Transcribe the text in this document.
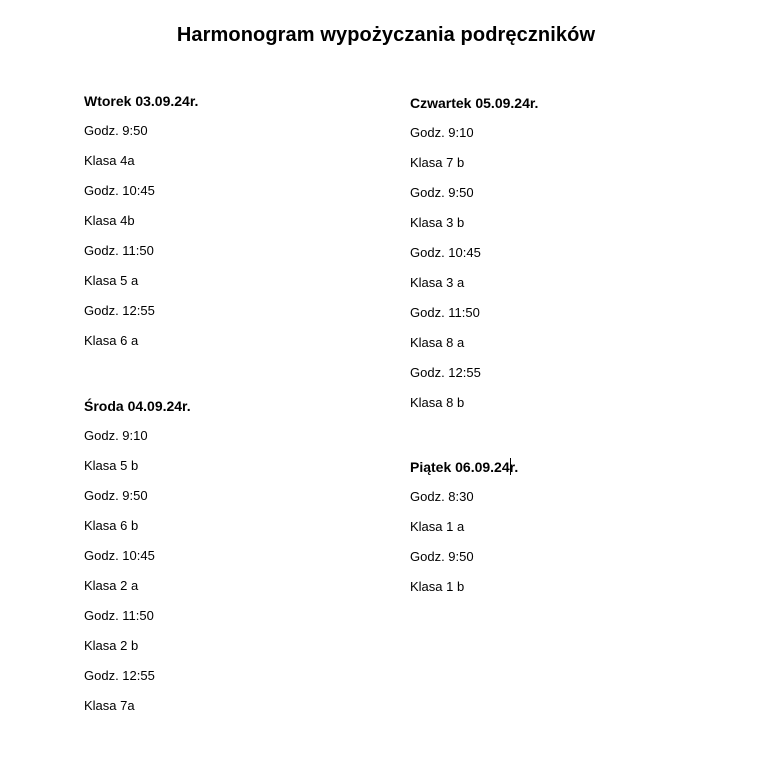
Harmonogram wypożyczania podręczników
Wtorek 03.09.24r.
Godz. 9:50
Klasa 4a
Godz. 10:45
Klasa 4b
Godz. 11:50
Klasa 5 a
Godz. 12:55
Klasa 6 a
Środa 04.09.24r.
Godz. 9:10
Klasa 5 b
Godz. 9:50
Klasa 6 b
Godz. 10:45
Klasa 2 a
Godz. 11:50
Klasa 2 b
Godz. 12:55
Klasa 7a
Czwartek 05.09.24r.
Godz. 9:10
Klasa 7 b
Godz. 9:50
Klasa 3 b
Godz. 10:45
Klasa 3 a
Godz. 11:50
Klasa 8 a
Godz. 12:55
Klasa 8 b
Piątek 06.09.24r.
Godz. 8:30
Klasa 1 a
Godz. 9:50
Klasa 1 b
